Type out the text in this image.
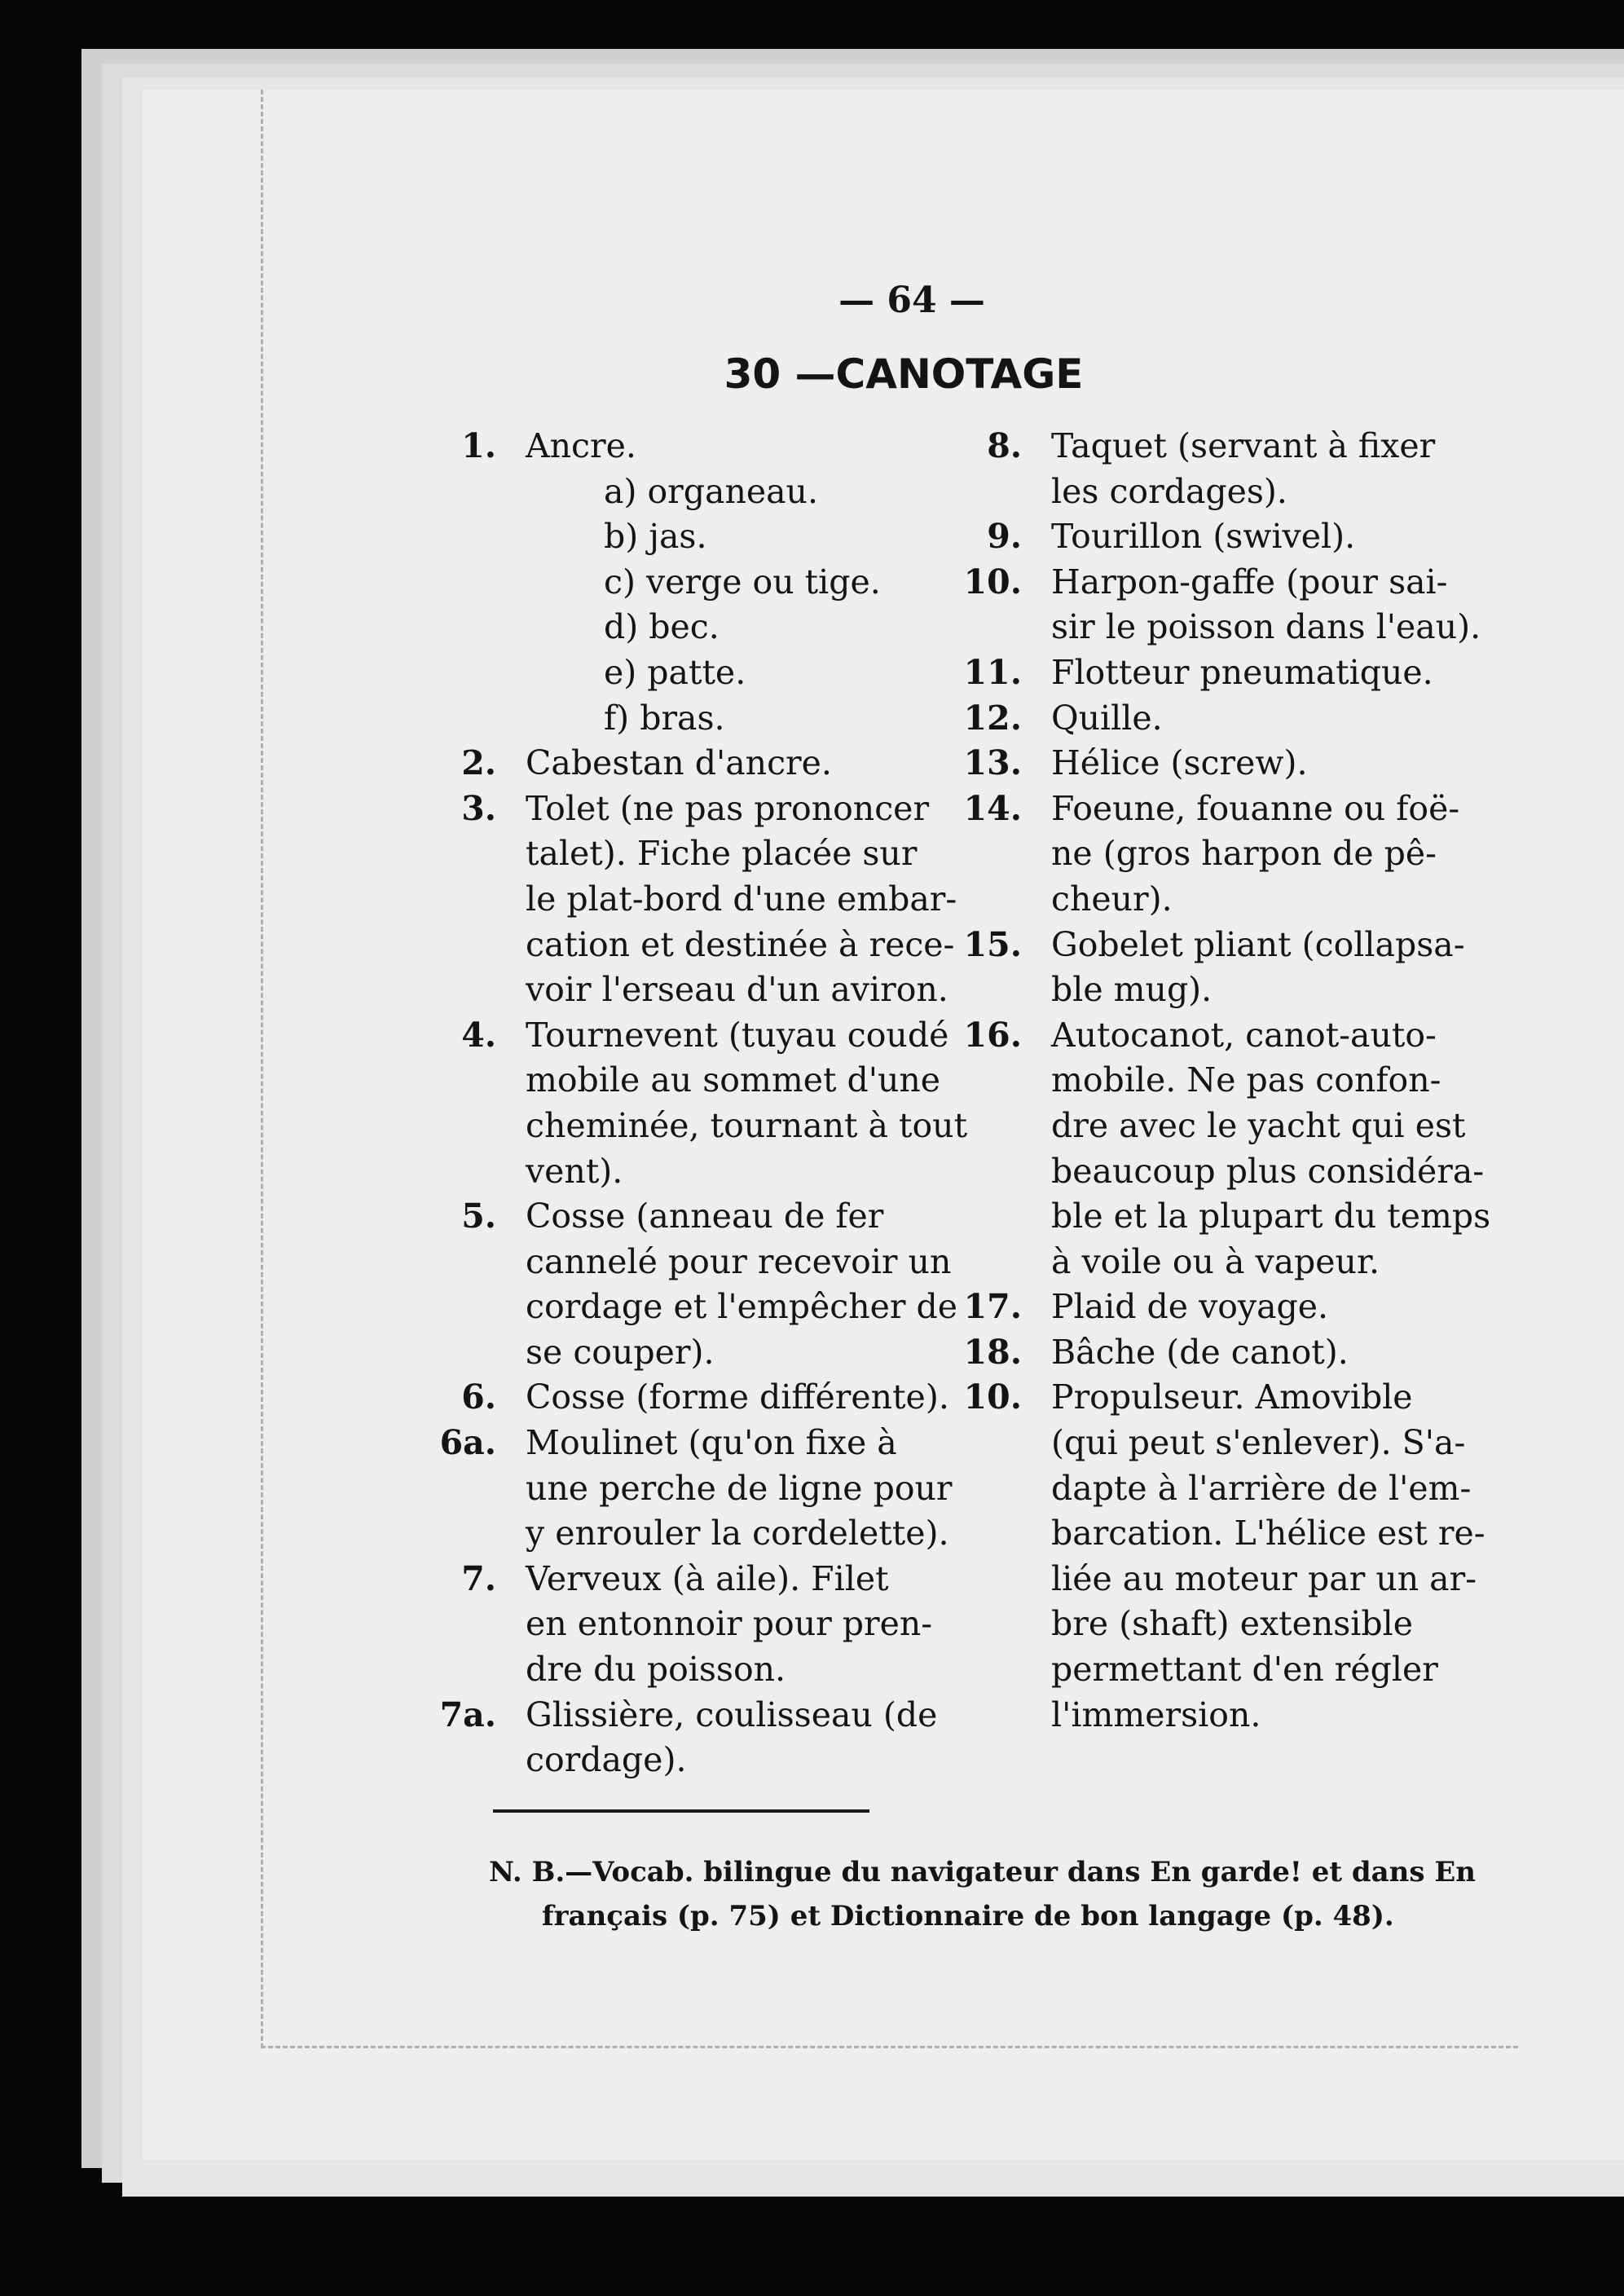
— 64 —
30 —CANOTAGE
1. Ancre.
a) organeau.
b) jas.
c) verge ou tige.
d) bec.
e) patte.
f) bras.
2. Cabestan d'ancre.
3. Tolet (ne pas prononcer
talet). Fiche placée sur
le plat-bord d'une embar-
cation et destinée à rece-
voir l'erseau d'un aviron.
4. Tournevent (tuyau coudé
mobile au sommet d'une
cheminée, tournant à tout
vent).
5. Cosse (anneau de fer
cannelé pour recevoir un
cordage et l'empêcher de
se couper).
6. Cosse (forme différente).
6a. Moulinet (qu'on fixe à
une perche de ligne pour
y enrouler la cordelette).
7. Verveux (à aile). Filet
en entonnoir pour pren-
dre du poisson.
7a. Glissière, coulisseau (de
cordage).
8. Taquet (servant à fixer
les cordages).
9. Tourillon (swivel).
10. Harpon-gaffe (pour sai-
sir le poisson dans l'eau).
11. Flotteur pneumatique.
12. Quille.
13. Hélice (screw).
14. Foeune, fouanne ou foë-
ne (gros harpon de pê-
cheur).
15. Gobelet pliant (collapsa-
ble mug).
16. Autocanot, canot-auto-
mobile. Ne pas confon-
dre avec le yacht qui est
beaucoup plus considéra-
ble et la plupart du temps
à voile ou à vapeur.
17. Plaid de voyage.
18. Bâche (de canot).
10. Propulseur. Amovible
(qui peut s'enlever). S'a-
dapte à l'arrière de l'em-
barcation. L'hélice est re-
liée au moteur par un ar-
bre (shaft) extensible
permettant d'en régler
l'immersion.
N. B.—Vocab. bilingue du navigateur dans En garde! et dans En
français (p. 75) et Dictionnaire de bon langage (p. 48).
